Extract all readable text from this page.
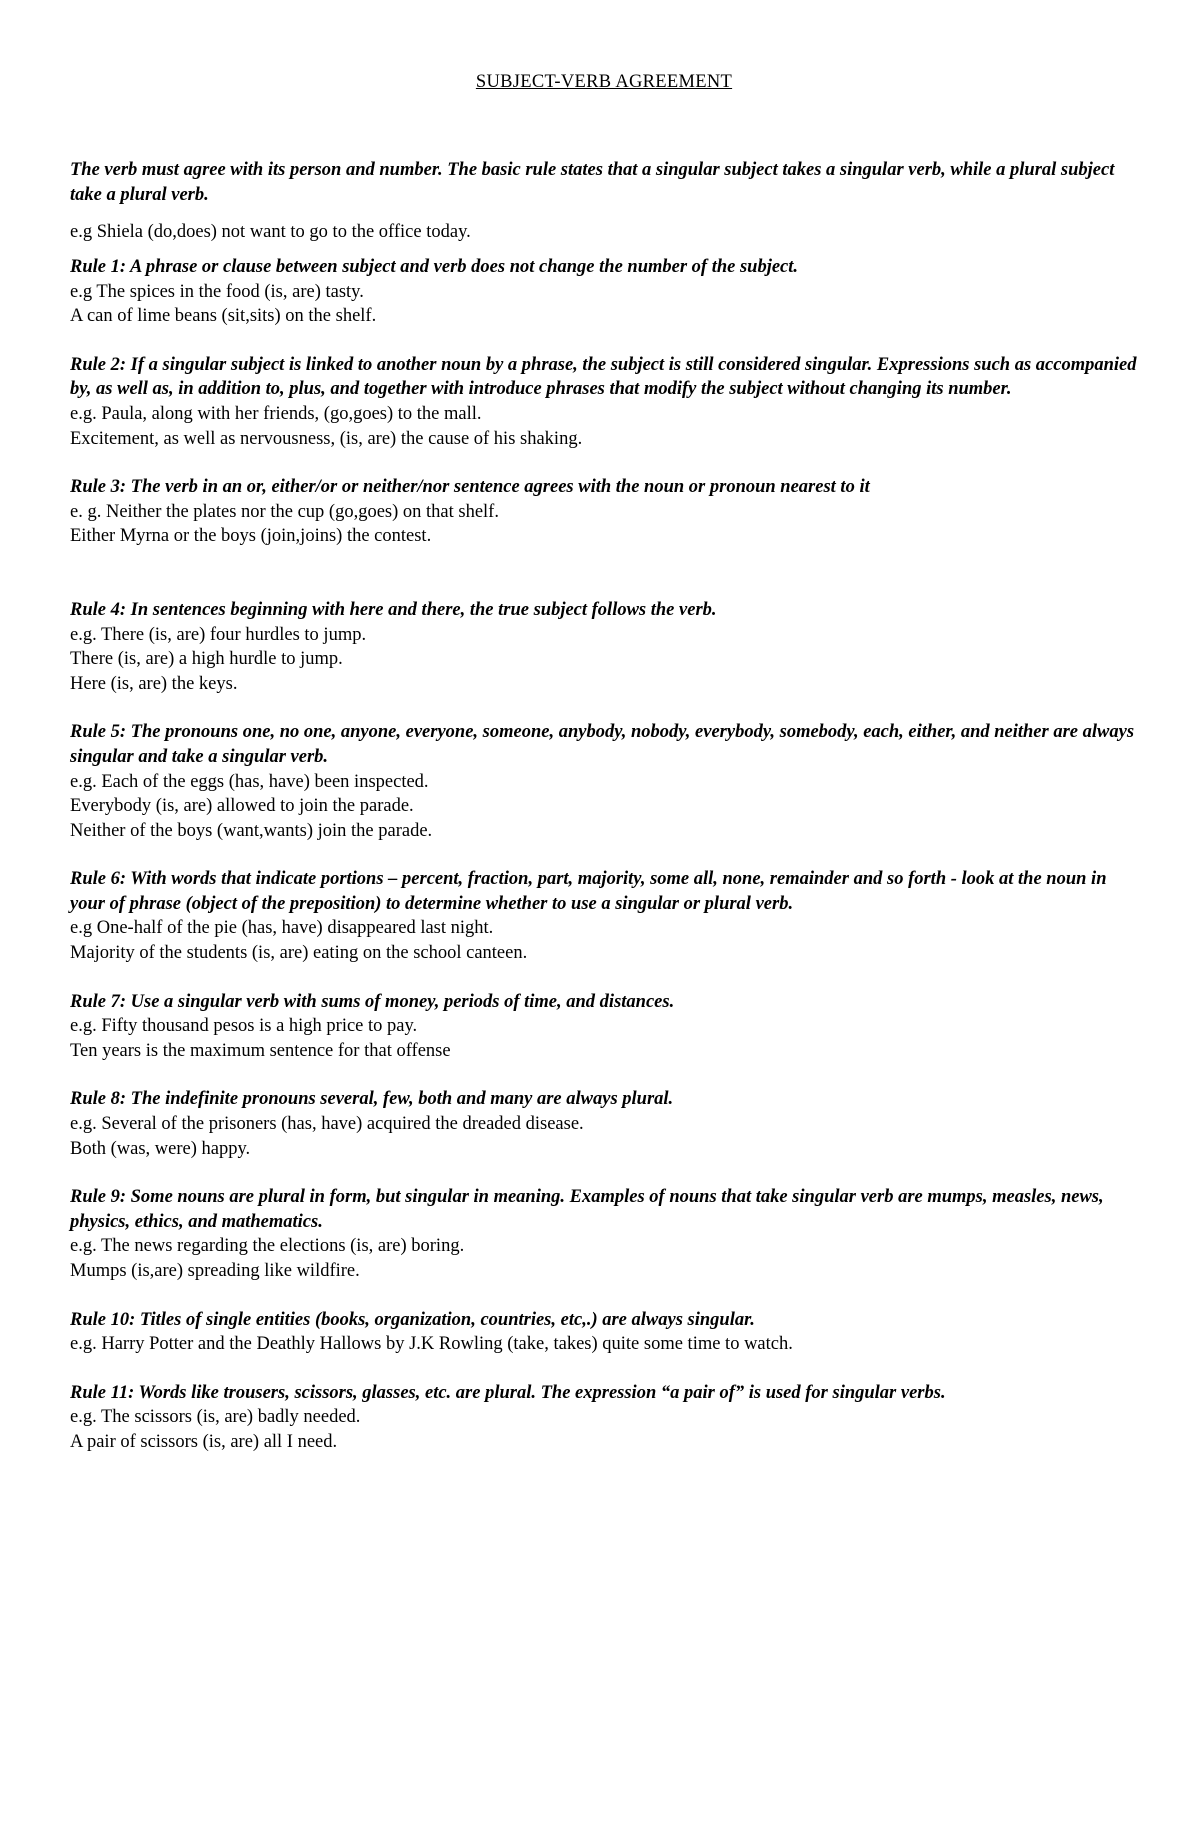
SUBJECT-VERB AGREEMENT
The verb must agree with its person and number. The basic rule states that a singular subject takes a singular verb, while a plural subject take a plural verb.
e.g Shiela (do,does) not want to go to the office today.
Rule 1: A phrase or clause between subject and verb does not change the number of the subject.
e.g The spices in the food (is, are) tasty.
A can of lime beans (sit,sits) on the shelf.
Rule 2: If a singular subject is linked to another noun by a phrase, the subject is still considered singular. Expressions such as accompanied by, as well as, in addition to, plus, and together with introduce phrases that modify the subject without changing its number.
e.g. Paula, along with her friends, (go,goes) to the mall.
Excitement, as well as nervousness, (is, are) the cause of his shaking.
Rule 3: The verb in an or, either/or or neither/nor sentence agrees with the noun or pronoun nearest to it
e. g. Neither the plates nor the cup (go,goes) on that shelf.
Either Myrna or the boys (join,joins) the contest.
Rule 4: In sentences beginning with here and there, the true subject follows the verb.
e.g. There (is, are) four hurdles to jump.
There (is, are) a high hurdle to jump.
Here (is, are) the keys.
Rule 5: The pronouns one, no one, anyone, everyone, someone, anybody, nobody, everybody, somebody, each, either, and neither are always singular and take a singular verb.
e.g. Each of the eggs (has, have) been inspected.
Everybody (is, are) allowed to join the parade.
Neither of the boys (want,wants) join the parade.
Rule 6: With words that indicate portions – percent, fraction, part, majority, some all, none, remainder and so forth - look at the noun in your of phrase (object of the preposition) to determine whether to use a singular or plural verb.
e.g One-half of the pie (has, have) disappeared last night.
Majority of the students (is, are) eating on the school canteen.
Rule 7: Use a singular verb with sums of money, periods of time, and distances.
e.g. Fifty thousand pesos is a high price to pay.
Ten years is the maximum sentence for that offense
Rule 8: The indefinite pronouns several, few, both and many are always plural.
e.g. Several of the prisoners (has, have) acquired the dreaded disease.
Both (was, were) happy.
Rule 9: Some nouns are plural in form, but singular in meaning. Examples of nouns that take singular verb are mumps, measles, news, physics, ethics, and mathematics.
e.g. The news regarding the elections (is, are) boring.
Mumps (is,are) spreading like wildfire.
Rule 10: Titles of single entities (books, organization, countries, etc,.) are always singular.
e.g. Harry Potter and the Deathly Hallows by J.K Rowling (take, takes) quite some time to watch.
Rule 11: Words like trousers, scissors, glasses, etc. are plural. The expression “a pair of” is used for singular verbs.
e.g. The scissors (is, are) badly needed.
A pair of scissors (is, are) all I need.
